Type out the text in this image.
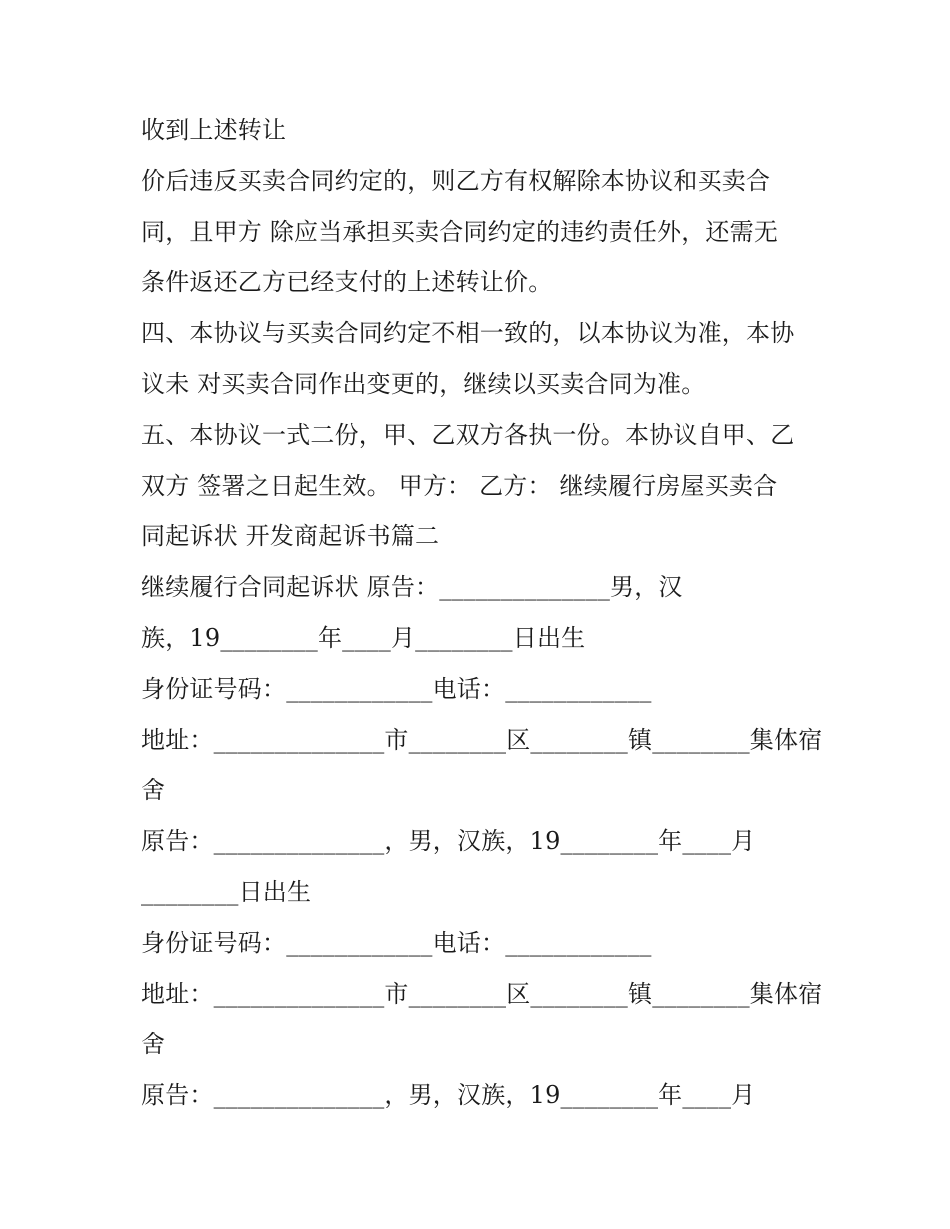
收到上述转让
价后违反买卖合同约定的，则乙方有权解除本协议和买卖合
同，且甲方 除应当承担买卖合同约定的违约责任外，还需无
条件返还乙方已经支付的上述转让价。
四、本协议与买卖合同约定不相一致的，以本协议为准，本协
议未 对买卖合同作出变更的，继续以买卖合同为准。
五、本协议一式二份，甲、乙双方各执一份。本协议自甲、乙
双方 签署之日起生效。 甲方： 乙方： 继续履行房屋买卖合
同起诉状 开发商起诉书篇二
继续履行合同起诉状 原告：______________男，汉
族，19________年____月________日出生
身份证号码：____________电话：____________
地址：______________市________区________镇________集体宿
舍
原告：______________，男，汉族，19________年____月
________日出生
身份证号码：____________电话：____________
地址：______________市________区________镇________集体宿
舍
原告：______________，男，汉族，19________年____月
